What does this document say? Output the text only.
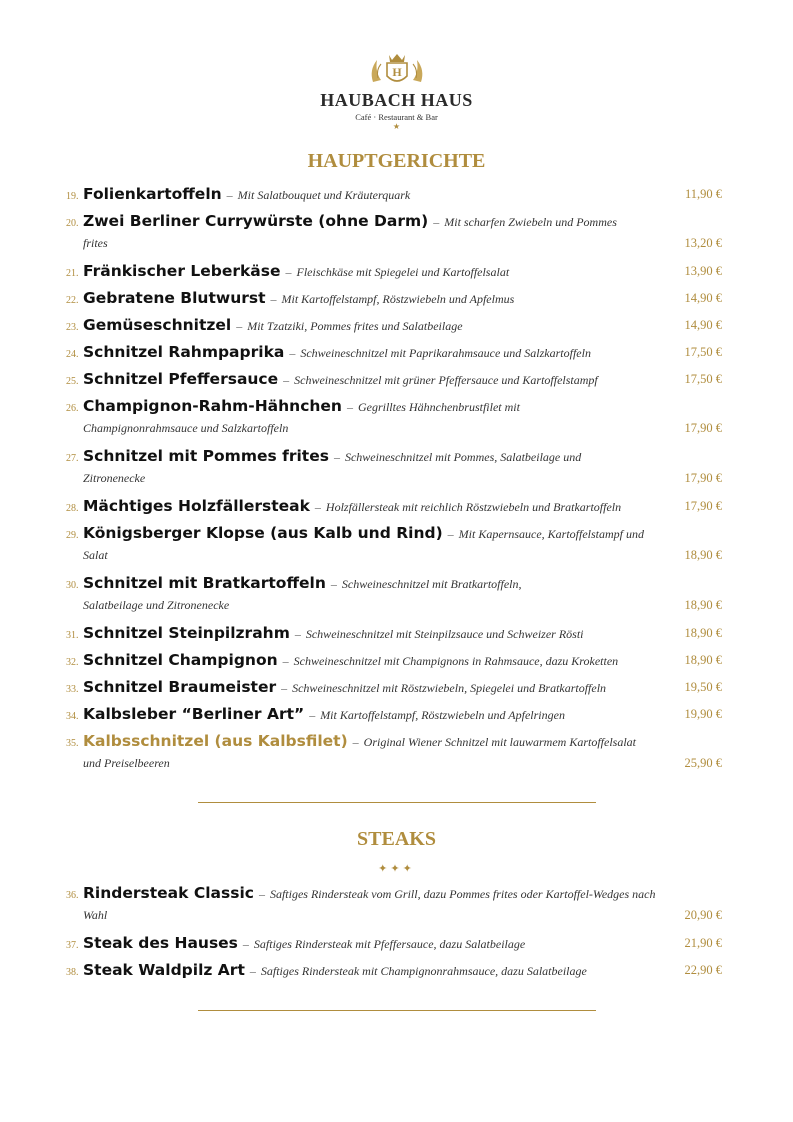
H
HAUBACH HAUS
Café · Restaurant & Bar
★
HAUPTGERICHTE
19. Folienkartoffeln – Mit Salatbouquet und Kräuterquark	11,90 €
20. Zwei Berliner Currywürste (ohne Darm) – Mit scharfen Zwiebeln und Pommes
frites	13,20 €
21. Fränkischer Leberkäse – Fleischkäse mit Spiegelei und Kartoffelsalat	13,90 €
22. Gebratene Blutwurst – Mit Kartoffelstampf, Röstzwiebeln und Apfelmus	14,90 €
23. Gemüseschnitzel – Mit Tzatziki, Pommes frites und Salatbeilage	14,90 €
24. Schnitzel Rahmpaprika – Schweineschnitzel mit Paprikarahmsauce und Salzkartoffeln	17,50 €
25. Schnitzel Pfeffersauce – Schweineschnitzel mit grüner Pfeffersauce und Kartoffelstampf	17,50 €
26. Champignon-Rahm-Hähnchen – Gegrilltes Hähnchenbrustfilet mit
Champignonrahmsauce und Salzkartoffeln	17,90 €
27. Schnitzel mit Pommes frites – Schweineschnitzel mit Pommes, Salatbeilage und
Zitronenecke	17,90 €
28. Mächtiges Holzfällersteak – Holzfällersteak mit reichlich Röstzwiebeln und Bratkartoffeln	17,90 €
29. Königsberger Klopse (aus Kalb und Rind) – Mit Kapernsauce, Kartoffelstampf und
Salat	18,90 €
30. Schnitzel mit Bratkartoffeln – Schweineschnitzel mit Bratkartoffeln,
Salatbeilage und Zitronenecke	18,90 €
31. Schnitzel Steinpilzrahm – Schweineschnitzel mit Steinpilzsauce und Schweizer Rösti	18,90 €
32. Schnitzel Champignon – Schweineschnitzel mit Champignons in Rahmsauce, dazu Kroketten	18,90 €
33. Schnitzel Braumeister – Schweineschnitzel mit Röstzwiebeln, Spiegelei und Bratkartoffeln	19,50 €
34. Kalbsleber “Berliner Art” – Mit Kartoffelstampf, Röstzwiebeln und Apfelringen	19,90 €
35. Kalbsschnitzel (aus Kalbsfilet) – Original Wiener Schnitzel mit lauwarmem Kartoffelsalat
und Preiselbeeren	25,90 €
STEAKS
✦✦✦
36. Rindersteak Classic – Saftiges Rindersteak vom Grill, dazu Pommes frites oder Kartoffel-Wedges nach
Wahl	20,90 €
37. Steak des Hauses – Saftiges Rindersteak mit Pfeffersauce, dazu Salatbeilage	21,90 €
38. Steak Waldpilz Art – Saftiges Rindersteak mit Champignonrahmsauce, dazu Salatbeilage	22,90 €
